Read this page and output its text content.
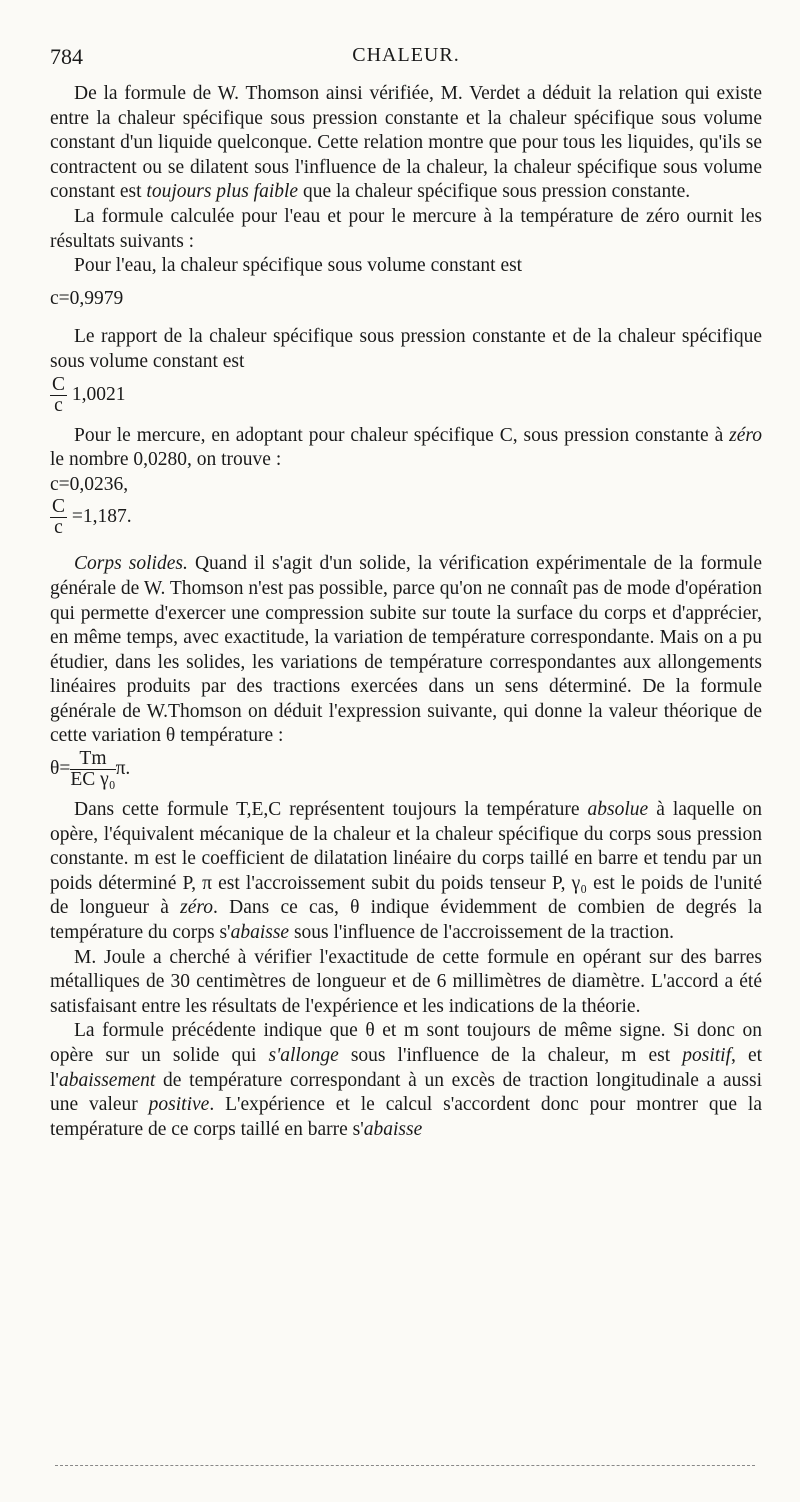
784	CHALEUR.

De la formule de W. Thomson ainsi vérifiée, M. Verdet a déduit la relation qui existe entre la chaleur spécifique sous pression constante et la chaleur spécifique sous volume constant d'un liquide quelconque. Cette relation montre que pour tous les liquides, qu'ils se contractent ou se dilatent sous l'influence de la chaleur, la chaleur spécifique sous volume constant est toujours plus faible que la chaleur spécifique sous pression constante.

La formule calculée pour l'eau et pour le mercure à la température de zéro ournit les résultats suivants :

Pour l'eau, la chaleur spécifique sous volume constant est

c=0,9979

Le rapport de la chaleur spécifique sous pression constante et de la chaleur spécifique sous volume constant est

$\frac{C}{c} 1,0021$

Pour le mercure, en adoptant pour chaleur spécifique C, sous pression constante à zéro le nombre 0,0280, on trouve :

c=0,0236,

$\frac{C}{c} =1,187$.

Corps solides. Quand il s'agit d'un solide, la vérification expérimentale de la formule générale de W. Thomson n'est pas possible, parce qu'on ne connaît pas de mode d'opération qui permette d'exercer une compression subite sur toute la surface du corps et d'apprécier, en même temps, avec exactitude, la variation de température correspondante. Mais on a pu étudier, dans les solides, les variations de température correspondantes aux allongements linéaires produits par des tractions exercées dans un sens déterminé. De la formule générale de W.Thomson on déduit l'expression suivante, qui donne la valeur théorique de cette variation θ température :

$\theta= \frac{Tm}{\text{EC γ₀}} \pi$.

Dans cette formule T,E,C représentent toujours la température absolue à laquelle on opère, l'équivalent mécanique de la chaleur et la chaleur spécifique du corps sous pression constante. m est le coefficient de dilatation linéaire du corps taillé en barre et tendu par un poids déterminé P, π est l'accroissement subit du poids tenseur P, γ₀ est le poids de l'unité de longueur à zéro. Dans ce cas, θ indique évidemment de combien de degrés la température du corps s'abaisse sous l'influence de l'accroissement de la traction.

M. Joule a cherché à vérifier l'exactitude de cette formule en opérant sur des barres métalliques de 30 centimètres de longueur et de 6 millimètres de diamètre. L'accord a été satisfaisant entre les résultats de l'expérience et les indications de la théorie.

La formule précédente indique que θ et m sont toujours de même signe. Si donc on opère sur un solide qui s'allonge sous l'influence de la chaleur, m est positif, et l'abaissement de température correspondant à un excès de traction longitudinale a aussi une valeur positive. L'expérience et le calcul s'accordent donc pour montrer que la température de ce corps taillé en barre s'abaisse
